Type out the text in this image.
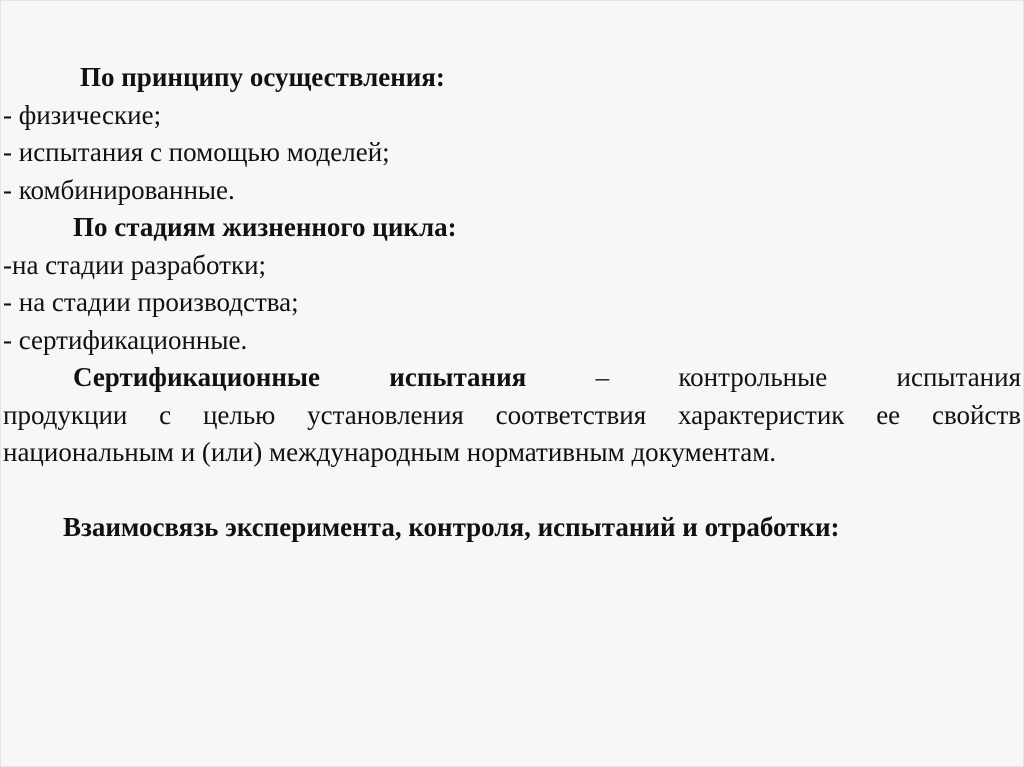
По принципу осуществления:

- физические;

- испытания с помощью моделей;

- комбинированные.

По стадиям жизненного цикла:

-на стадии разработки;

- на стадии производства;

- сертификационные.

Сертификационные испытания – контрольные испытания
продукции с целью установления соответствия характеристик ее свойств
национальным и (или) международным нормативным документам.

Взаимосвязь эксперимента, контроля, испытаний и отработки:
